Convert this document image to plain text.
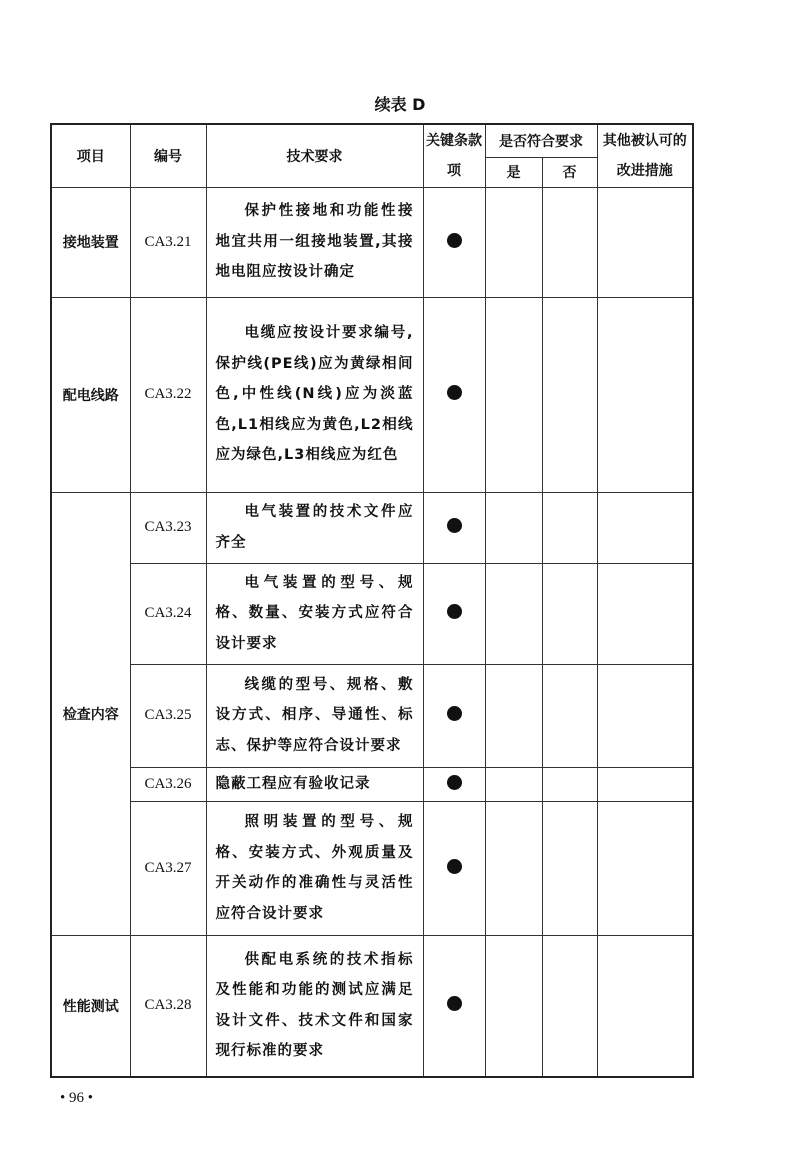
续表 D
项目	编号	技术要求	关键条款项	是否符合要求		其他被认可的改进措施
				是	否	
接地装置	CA3.21	保护性接地和功能性接地宜共用一组接地装置,其接地电阻应按设计确定				
配电线路	CA3.22	电缆应按设计要求编号,保护线(PE线)应为黄绿相间色,中性线(N线)应为淡蓝色,L1相线应为黄色,L2相线应为绿色,L3相线应为红色				
检查内容	CA3.23	电气装置的技术文件应齐全				
	CA3.24	电气装置的型号、规格、数量、安装方式应符合设计要求				
	CA3.25	线缆的型号、规格、敷设方式、相序、导通性、标志、保护等应符合设计要求				
	CA3.26	隐蔽工程应有验收记录				
	CA3.27	照明装置的型号、规格、安装方式、外观质量及开关动作的准确性与灵活性应符合设计要求				
性能测试	CA3.28	供配电系统的技术指标及性能和功能的测试应满足设计文件、技术文件和国家现行标准的要求				
• 96 •
